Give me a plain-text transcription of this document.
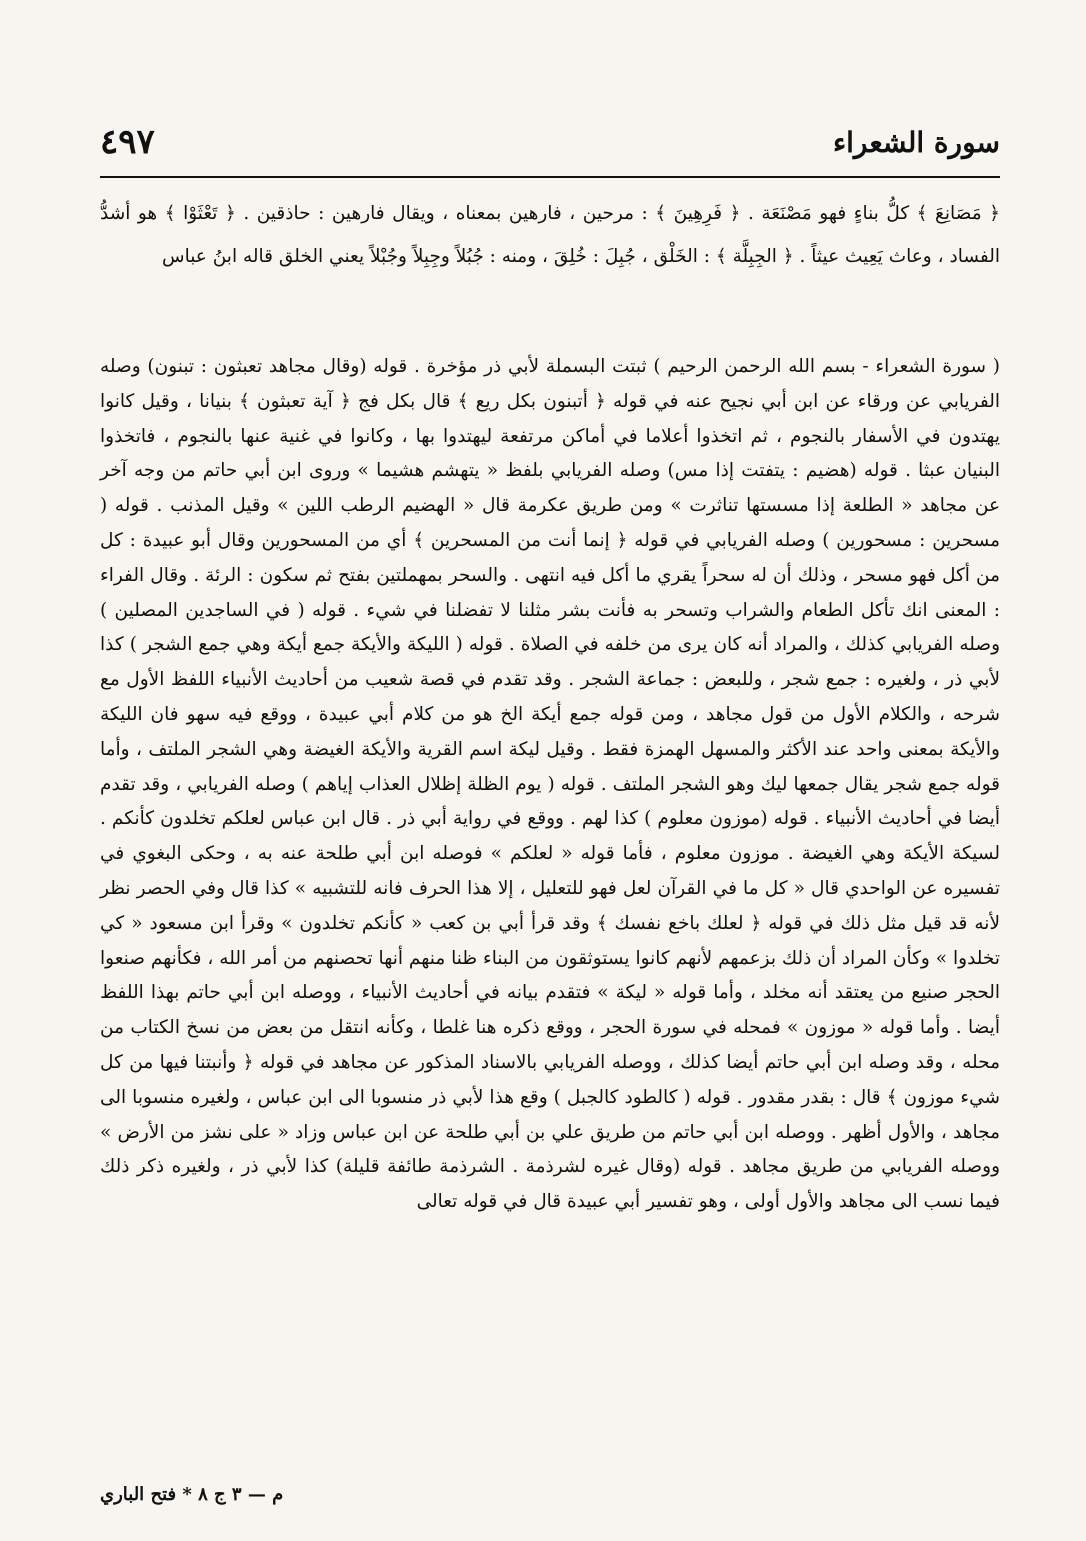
سورة الشعراء
٤٩٧

﴿ مَصَانِعَ ﴾ كلُّ بناءٍ فهو مَصْنَعَة . ﴿ فَرِهِينَ ﴾ : مرحين ، فارهين بمعناه ، ويقال فارهين : حاذقين . ﴿ تَعْثَوْا ﴾ هو أشدُّ الفساد ، وعاث يَعِيث عيثاً . ﴿ الجِبِلَّة ﴾ : الخَلْق ، جُبِلَ : خُلِقَ ، ومنه : جُبُلاً وجِبِلاً وجُبْلاً يعني الخلق قاله ابنُ عباس

( سورة الشعراء - بسم الله الرحمن الرحيم ) ثبتت البسملة لأبي ذر مؤخرة . قوله (وقال مجاهد تعبثون : تبنون) وصله الفريابي عن ورقاء عن ابن أبي نجيح عنه في قوله ﴿ أتبنون بكل ريع ﴾ قال بكل فج ﴿ آية تعبثون ﴾ بنيانا ، وقيل كانوا يهتدون في الأسفار بالنجوم ، ثم اتخذوا أعلاما في أماكن مرتفعة ليهتدوا بها ، وكانوا في غنية عنها بالنجوم ، فاتخذوا البنيان عبثا . قوله (هضيم : يتفتت إذا مس) وصله الفريابي بلفظ « يتهشم هشيما » وروى ابن أبي حاتم من وجه آخر عن مجاهد « الطلعة إذا مسستها تناثرت » ومن طريق عكرمة قال « الهضيم الرطب اللين » وقيل المذنب . قوله ( مسحرين : مسحورين ) وصله الفريابي في قوله ﴿ إنما أنت من المسحرين ﴾ أي من المسحورين وقال أبو عبيدة : كل من أكل فهو مسحر ، وذلك أن له سحراً يقري ما أكل فيه انتهى . والسحر بمهملتين بفتح ثم سكون : الرئة . وقال الفراء : المعنى انك تأكل الطعام والشراب وتسحر به فأنت بشر مثلنا لا تفضلنا في شيء . قوله ( في الساجدين المصلين ) وصله الفريابي كذلك ، والمراد أنه كان يرى من خلفه في الصلاة . قوله ( الليكة والأيكة جمع أيكة وهي جمع الشجر ) كذا لأبي ذر ، ولغيره : جمع شجر ، وللبعض : جماعة الشجر . وقد تقدم في قصة شعيب من أحاديث الأنبياء اللفظ الأول مع شرحه ، والكلام الأول من قول مجاهد ، ومن قوله جمع أيكة الخ هو من كلام أبي عبيدة ، ووقع فيه سهو فان الليكة والأيكة بمعنى واحد عند الأكثر والمسهل الهمزة فقط . وقيل ليكة اسم القرية والأيكة الغيضة وهي الشجر الملتف ، وأما قوله جمع شجر يقال جمعها ليك وهو الشجر الملتف . قوله ( يوم الظلة إظلال العذاب إياهم ) وصله الفريابي ، وقد تقدم أيضا في أحاديث الأنبياء . قوله (موزون معلوم ) كذا لهم . ووقع في رواية أبي ذر . قال ابن عباس لعلكم تخلدون كأنكم . لسيكة الأيكة وهي الغيضة . موزون معلوم ، فأما قوله « لعلكم » فوصله ابن أبي طلحة عنه به ، وحكى البغوي في تفسيره عن الواحدي قال « كل ما في القرآن لعل فهو للتعليل ، إلا هذا الحرف فانه للتشبيه » كذا قال وفي الحصر نظر لأنه قد قيل مثل ذلك في قوله ﴿ لعلك باخع نفسك ﴾ وقد قرأ أبي بن كعب « كأنكم تخلدون » وقرأ ابن مسعود « كي تخلدوا » وكأن المراد أن ذلك بزعمهم لأنهم كانوا يستوثقون من البناء ظنا منهم أنها تحصنهم من أمر الله ، فكأنهم صنعوا الحجر صنيع من يعتقد أنه مخلد ، وأما قوله « ليكة » فتقدم بيانه في أحاديث الأنبياء ، ووصله ابن أبي حاتم بهذا اللفظ أيضا . وأما قوله « موزون » فمحله في سورة الحجر ، ووقع ذكره هنا غلطا ، وكأنه انتقل من بعض من نسخ الكتاب من محله ، وقد وصله ابن أبي حاتم أيضا كذلك ، ووصله الفريابي بالاسناد المذكور عن مجاهد في قوله ﴿ وأنبتنا فيها من كل شيء موزون ﴾ قال : بقدر مقدور . قوله ( كالطود كالجبل ) وقع هذا لأبي ذر منسوبا الى ابن عباس ، ولغيره منسوبا الى مجاهد ، والأول أظهر . ووصله ابن أبي حاتم من طريق علي بن أبي طلحة عن ابن عباس وزاد « على نشز من الأرض » ووصله الفريابي من طريق مجاهد . قوله (وقال غيره لشرذمة . الشرذمة طائفة قليلة) كذا لأبي ذر ، ولغيره ذكر ذلك فيما نسب الى مجاهد والأول أولى ، وهو تفسير أبي عبيدة قال في قوله تعالى

م — ٣ ج ٨ * فتح الباري
